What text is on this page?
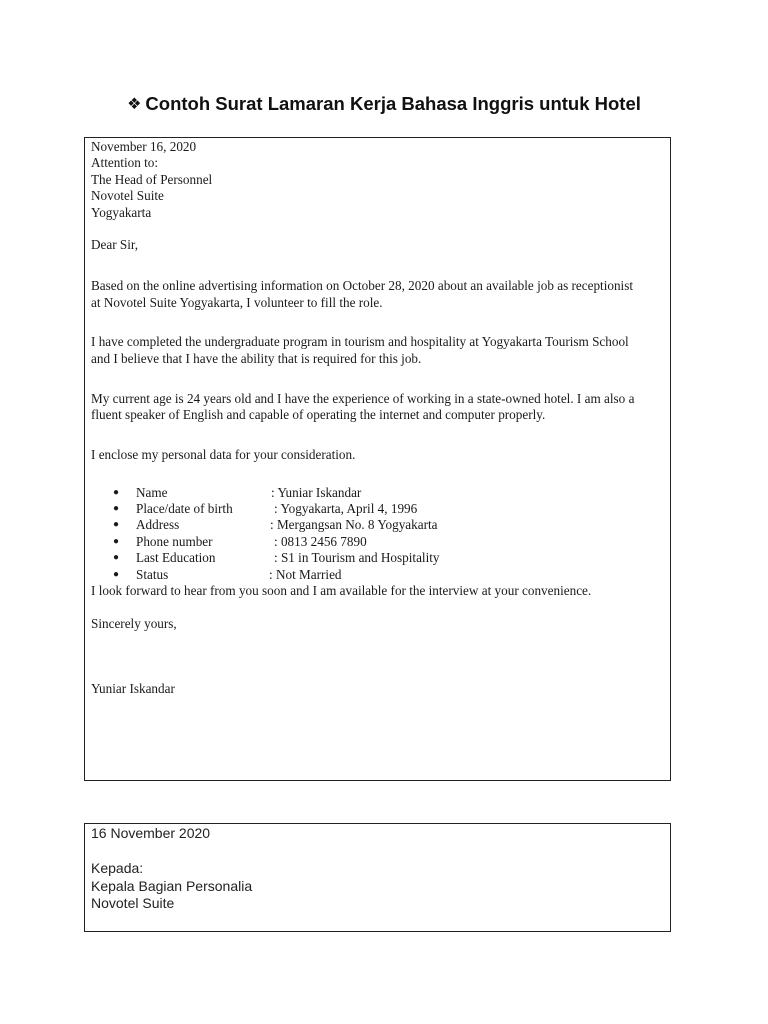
❖ Contoh Surat Lamaran Kerja Bahasa Inggris untuk Hotel
November 16, 2020
Attention to:
The Head of Personnel
Novotel Suite
Yogyakarta
Dear Sir,
Based on the online advertising information on October 28, 2020 about an available job as receptionist
at Novotel Suite Yogyakarta, I volunteer to fill the role.
I have completed the undergraduate program in tourism and hospitality at Yogyakarta Tourism School
and I believe that I have the ability that is required for this job.
My current age is 24 years old and I have the experience of working in a state-owned hotel. I am also a
fluent speaker of English and capable of operating the internet and computer properly.
I enclose my personal data for your consideration.
● Name	: Yuniar Iskandar
● Place/date of birth	: Yogyakarta, April 4, 1996
● Address	: Mergangsan No. 8 Yogyakarta
● Phone number	: 0813 2456 7890
● Last Education	: S1 in Tourism and Hospitality
● Status	: Not Married
I look forward to hear from you soon and I am available for the interview at your convenience.
Sincerely yours,
Yuniar Iskandar
16 November 2020
Kepada:
Kepala Bagian Personalia
Novotel Suite
